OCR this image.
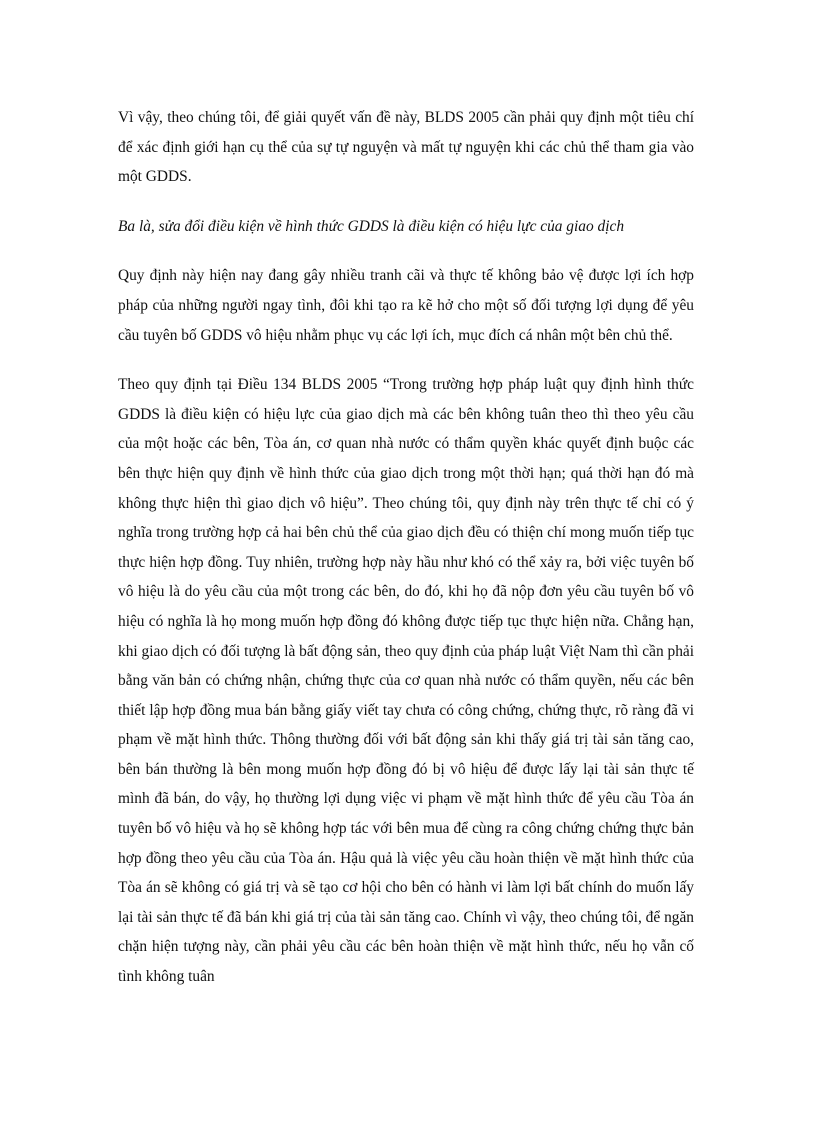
Vì vậy, theo chúng tôi, để giải quyết vấn đề này, BLDS 2005 cần phải quy định một tiêu chí để xác định giới hạn cụ thể của sự tự nguyện và mất tự nguyện khi các chủ thể tham gia vào một GDDS.

Ba là, sửa đổi điều kiện về hình thức GDDS là điều kiện có hiệu lực của giao dịch

Quy định này hiện nay đang gây nhiều tranh cãi và thực tế không bảo vệ được lợi ích hợp pháp của những người ngay tình, đôi khi tạo ra kẽ hở cho một số đối tượng lợi dụng để yêu cầu tuyên bố GDDS vô hiệu nhằm phục vụ các lợi ích, mục đích cá nhân một bên chủ thể.

Theo quy định tại Điều 134 BLDS 2005 “Trong trường hợp pháp luật quy định hình thức GDDS là điều kiện có hiệu lực của giao dịch mà các bên không tuân theo thì theo yêu cầu của một hoặc các bên, Tòa án, cơ quan nhà nước có thẩm quyền khác quyết định buộc các bên thực hiện quy định về hình thức của giao dịch trong một thời hạn; quá thời hạn đó mà không thực hiện thì giao dịch vô hiệu”. Theo chúng tôi, quy định này trên thực tế chỉ có ý nghĩa trong trường hợp cả hai bên chủ thể của giao dịch đều có thiện chí mong muốn tiếp tục thực hiện hợp đồng. Tuy nhiên, trường hợp này hầu như khó có thể xảy ra, bởi việc tuyên bố vô hiệu là do yêu cầu của một trong các bên, do đó, khi họ đã nộp đơn yêu cầu tuyên bố vô hiệu có nghĩa là họ mong muốn hợp đồng đó không được tiếp tục thực hiện nữa. Chẳng hạn, khi giao dịch có đối tượng là bất động sản, theo quy định của pháp luật Việt Nam thì cần phải bằng văn bản có chứng nhận, chứng thực của cơ quan nhà nước có thẩm quyền, nếu các bên thiết lập hợp đồng mua bán bằng giấy viết tay chưa có công chứng, chứng thực, rõ ràng đã vi phạm về mặt hình thức. Thông thường đối với bất động sản khi thấy giá trị tài sản tăng cao, bên bán thường là bên mong muốn hợp đồng đó bị vô hiệu để được lấy lại tài sản thực tế mình đã bán, do vậy, họ thường lợi dụng việc vi phạm về mặt hình thức để yêu cầu Tòa án tuyên bố vô hiệu và họ sẽ không hợp tác với bên mua để cùng ra công chứng chứng thực bản hợp đồng theo yêu cầu của Tòa án. Hậu quả là việc yêu cầu hoàn thiện về mặt hình thức của Tòa án sẽ không có giá trị và sẽ tạo cơ hội cho bên có hành vi làm lợi bất chính do muốn lấy lại tài sản thực tế đã bán khi giá trị của tài sản tăng cao. Chính vì vậy, theo chúng tôi, để ngăn chặn hiện tượng này, cần phải yêu cầu các bên hoàn thiện về mặt hình thức, nếu họ vẫn cố tình không tuân
